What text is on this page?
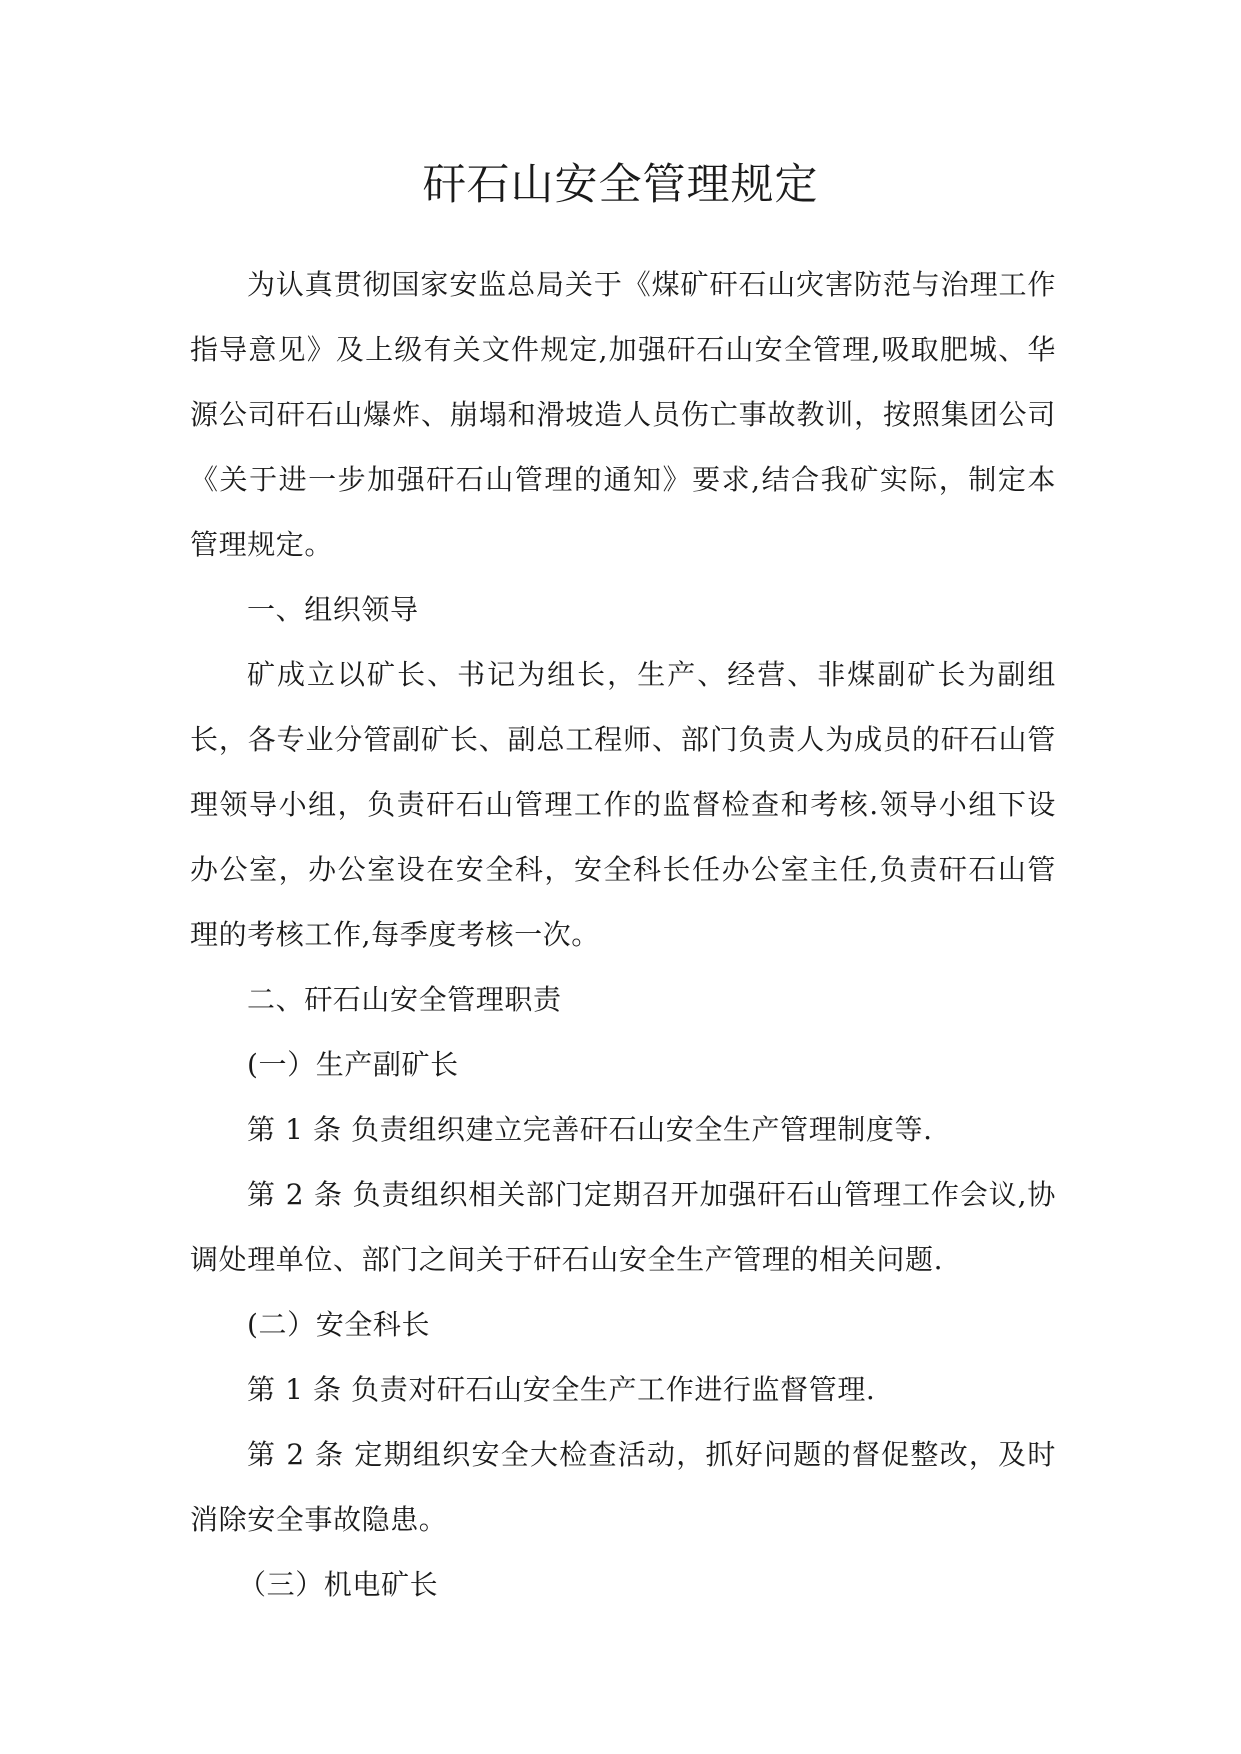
矸石山安全管理规定

为认真贯彻国家安监总局关于《煤矿矸石山灾害防范与治理工作指导意见》及上级有关文件规定,加强矸石山安全管理,吸取肥城、华源公司矸石山爆炸、崩塌和滑坡造人员伤亡事故教训，按照集团公司《关于进一步加强矸石山管理的通知》要求,结合我矿实际，制定本管理规定。

一、组织领导

矿成立以矿长、书记为组长，生产、经营、非煤副矿长为副组长，各专业分管副矿长、副总工程师、部门负责人为成员的矸石山管理领导小组，负责矸石山管理工作的监督检查和考核.领导小组下设办公室，办公室设在安全科，安全科长任办公室主任,负责矸石山管理的考核工作,每季度考核一次。

二、矸石山安全管理职责

(一）生产副矿长

第 1 条 负责组织建立完善矸石山安全生产管理制度等.

第 2 条 负责组织相关部门定期召开加强矸石山管理工作会议,协调处理单位、部门之间关于矸石山安全生产管理的相关问题.

(二）安全科长

第 1 条 负责对矸石山安全生产工作进行监督管理.

第 2 条 定期组织安全大检查活动，抓好问题的督促整改，及时消除安全事故隐患。

（三）机电矿长
